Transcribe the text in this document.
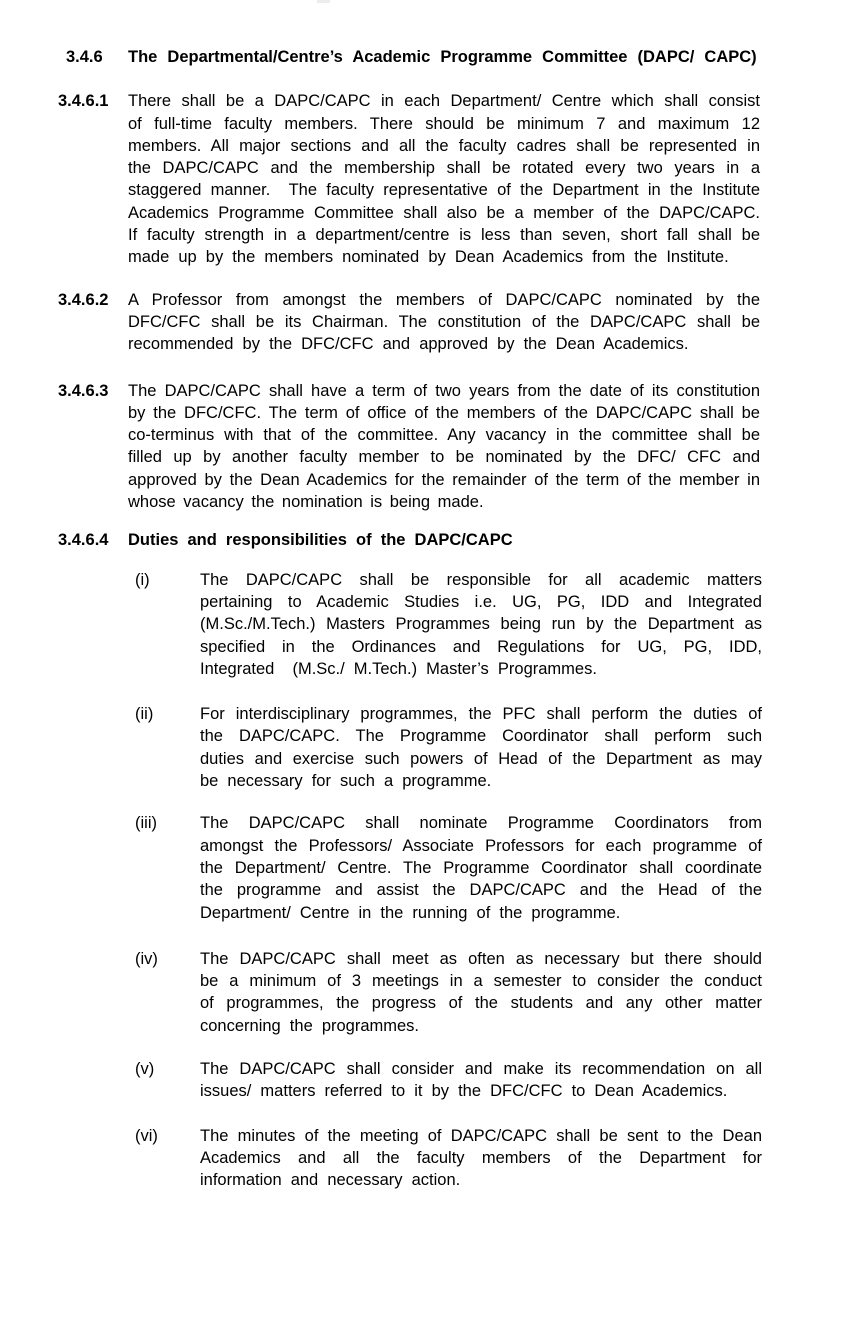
3.4.6	The Departmental/Centre’s Academic Programme Committee (DAPC/ CAPC)
3.4.6.1	There shall be a DAPC/CAPC in each Department/ Centre which shall consist of full-time faculty members. There should be minimum 7 and maximum 12 members. All major sections and all the faculty cadres shall be represented in the DAPC/CAPC and the membership shall be rotated every two years in a staggered manner.  The faculty representative of the Department in the Institute Academics Programme Committee shall also be a member of the DAPC/CAPC. If faculty strength in a department/centre is less than seven, short fall shall be made up by the members nominated by Dean Academics from the Institute.
3.4.6.2	A Professor from amongst the members of DAPC/CAPC nominated by the DFC/CFC shall be its Chairman. The constitution of the DAPC/CAPC shall be recommended by the DFC/CFC and approved by the Dean Academics.
3.4.6.3	The DAPC/CAPC shall have a term of two years from the date of its constitution by the DFC/CFC. The term of office of the members of the DAPC/CAPC shall be co-terminus with that of the committee. Any vacancy in the committee shall be filled up by another faculty member to be nominated by the DFC/ CFC and approved by the Dean Academics for the remainder of the term of the member in whose vacancy the nomination is being made.
3.4.6.4	Duties and responsibilities of the DAPC/CAPC
(i)	The DAPC/CAPC shall be responsible for all academic matters pertaining to Academic Studies i.e. UG, PG, IDD and Integrated (M.Sc./M.Tech.) Masters Programmes being run by the Department as specified in the Ordinances and Regulations for UG, PG, IDD, Integrated  (M.Sc./ M.Tech.) Master’s Programmes.
(ii)	For interdisciplinary programmes, the PFC shall perform the duties of the DAPC/CAPC. The Programme Coordinator shall perform such duties and exercise such powers of Head of the Department as may be necessary for such a programme.
(iii)	The DAPC/CAPC shall nominate Programme Coordinators from amongst the Professors/ Associate Professors for each programme of the Department/ Centre. The Programme Coordinator shall coordinate the programme and assist the DAPC/CAPC and the Head of the Department/ Centre in the running of the programme.
(iv)	The DAPC/CAPC shall meet as often as necessary but there should be a minimum of 3 meetings in a semester to consider the conduct of programmes, the progress of the students and any other matter concerning the programmes.
(v)	The DAPC/CAPC shall consider and make its recommendation on all issues/ matters referred to it by the DFC/CFC to Dean Academics.
(vi)	The minutes of the meeting of DAPC/CAPC shall be sent to the Dean Academics and all the faculty members of the Department for information and necessary action.
